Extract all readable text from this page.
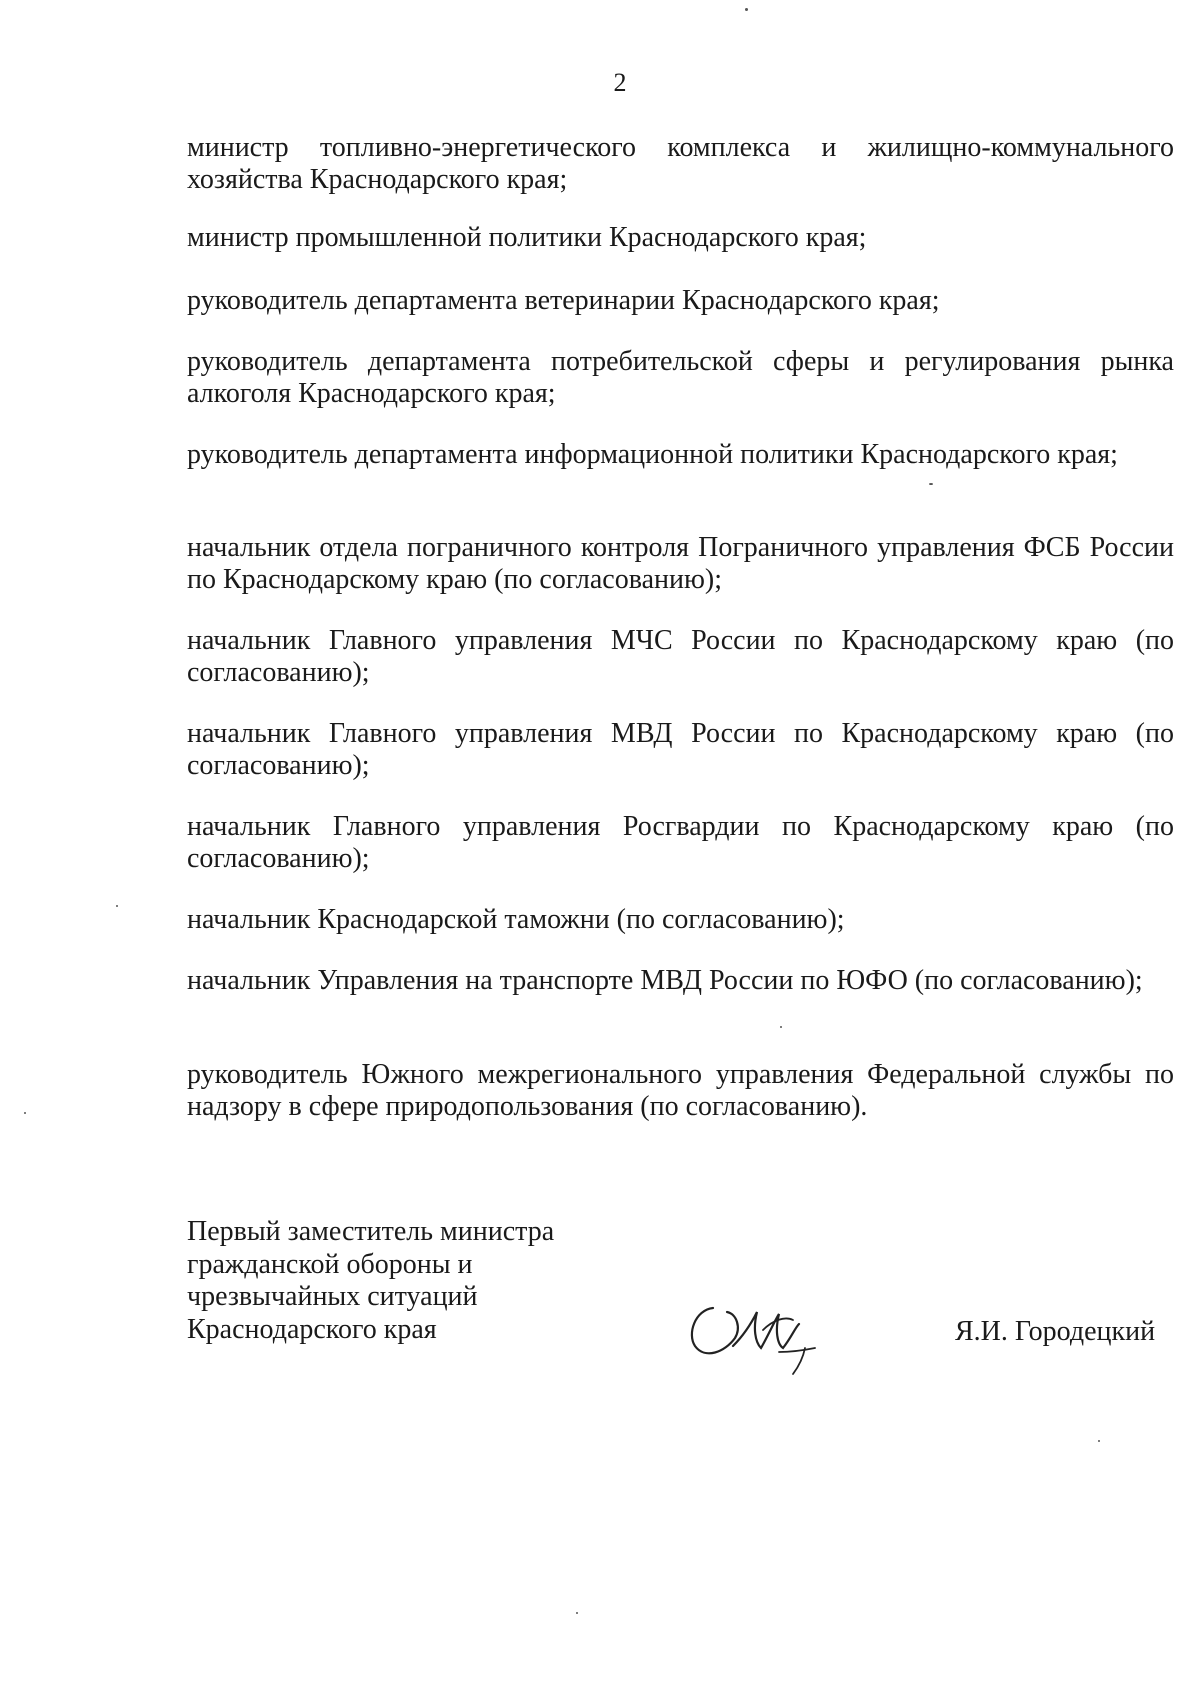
2
министр топливно-энергетического комплекса и жилищно-коммунального хозяйства Краснодарского края;
министр промышленной политики Краснодарского края;
руководитель департамента ветеринарии Краснодарского края;
руководитель департамента потребительской сферы и регулирования рынка алкоголя Краснодарского края;
руководитель департамента информационной политики Краснодарского края;
начальник отдела пограничного контроля Пограничного управления ФСБ России по Краснодарскому краю (по согласованию);
начальник Главного управления МЧС России по Краснодарскому краю (по согласованию);
начальник Главного управления МВД России по Краснодарскому краю (по согласованию);
начальник Главного управления Росгвардии по Краснодарскому краю (по согласованию);
начальник Краснодарской таможни (по согласованию);
начальник Управления на транспорте МВД России по ЮФО (по согласованию);
руководитель Южного межрегионального управления Федеральной службы по надзору в сфере природопользования (по согласованию).
Первый заместитель министра
гражданской обороны и
чрезвычайных ситуаций
Краснодарского края	Я.И. Городецкий
